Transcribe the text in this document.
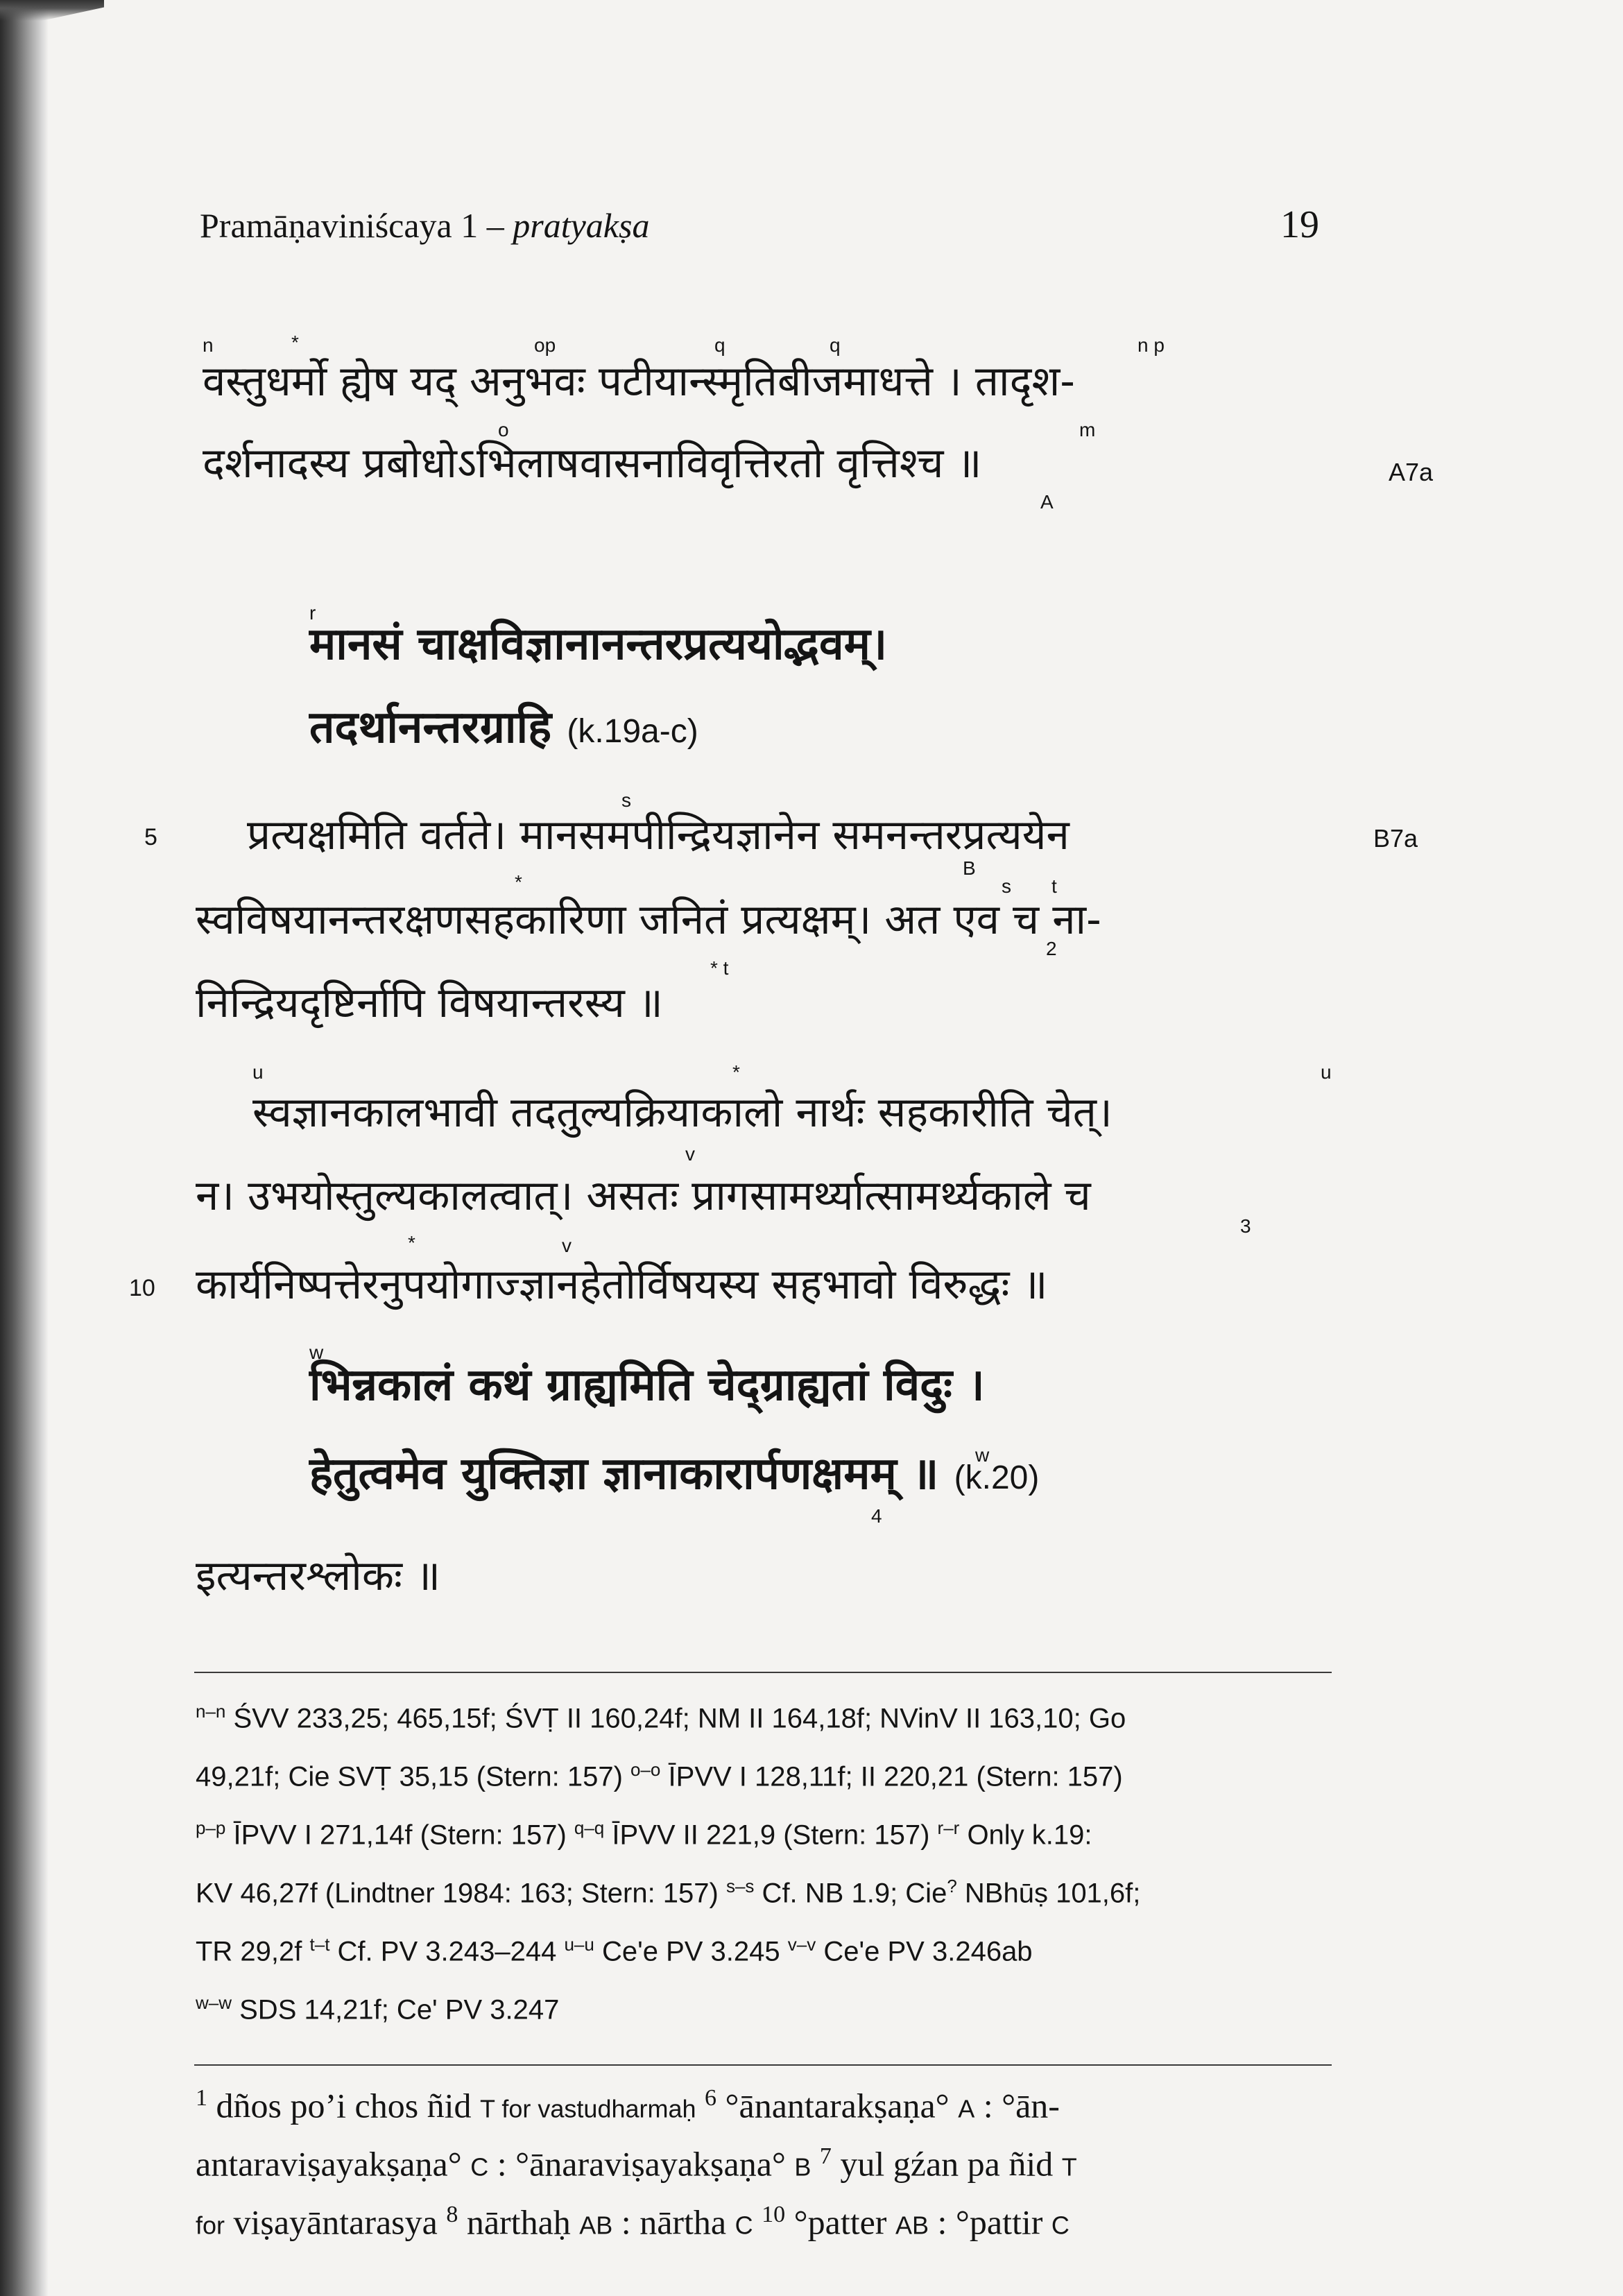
Pramāṇaviniścaya 1 – pratyakṣa	19
n	*	op	q	q	n p
वस्तुधर्मो ह्येष यद् अनुभवः पटीयान्स्मृतिबीजमाधत्ते । तादृश-
o	m
दर्शनादस्य प्रबोधोऽभिलाषवासनाविवृत्तिरतो वृत्तिश्च ॥
A
A7a
r
मानसं चाक्षविज्ञानानन्तरप्रत्ययोद्भवम्।
तदर्थानन्तरग्राहि (k.19a-c)
5
s
प्रत्यक्षमिति वर्तते। मानसमपीन्द्रियज्ञानेन समनन्तरप्रत्ययेन	B7a
B
*	s t
स्वविषयानन्तरक्षणसहकारिणा जनितं प्रत्यक्षम्। अत एव च ना-
2
* t
निन्द्रियदृष्टिर्नापि विषयान्तरस्य ॥
u	*	u
स्वज्ञानकालभावी तदतुल्यक्रियाकालो नार्थः सहकारीति चेत्।
v
न। उभयोस्तुल्यकालत्वात्। असतः प्रागसामर्थ्यात्सामर्थ्यकाले च
3
10
*	v
कार्यनिष्पत्तेरनुपयोगाज्ज्ञानहेतोर्विषयस्य सहभावो विरुद्धः ॥
w
भिन्नकालं कथं ग्राह्यमिति चेद्ग्राह्यतां विदुः ।
w
हेतुत्वमेव युक्तिज्ञा ज्ञानाकारार्पणक्षमम् ॥ (k.20)
4
इत्यन्तरश्लोकः ॥
$^{n-n}$ ŚVV 233,25; 465,15f; ŚVṬ II 160,24f; NM II 164,18f; NVinV II 163,10; Go
49,21f; Cie SVṬ 35,15 (Stern: 157) $^{o-o}$ ĪPVV I 128,11f; II 220,21 (Stern: 157)
$^{p-p}$ ĪPVV I 271,14f (Stern: 157) $^{q-q}$ ĪPVV II 221,9 (Stern: 157) $^{r-r}$ Only k.19:
KV 46,27f (Lindtner 1984: 163; Stern: 157) $^{s-s}$ Cf. NB 1.9; Cie? NBhūṣ 101,6f;
TR 29,2f $^{t-t}$ Cf. PV 3.243–244 $^{u-u}$ Ce'e PV 3.245 $^{v-v}$ Ce'e PV 3.246ab
$^{w-w}$ SDS 14,21f; Ce' PV 3.247
$^1$ dños po’i chos ñid T for vastudharmaḥ $^6$ °ānantarakṣaṇa° A : °ān-
antaraviṣayakṣaṇa° C : °ānaraviṣayakṣaṇa° B $^7$ yul gźan pa ñid T
for viṣayāntarasya $^8$ nārthaḥ AB : nārtha C $^{10}$ °patter AB : °pattir C
